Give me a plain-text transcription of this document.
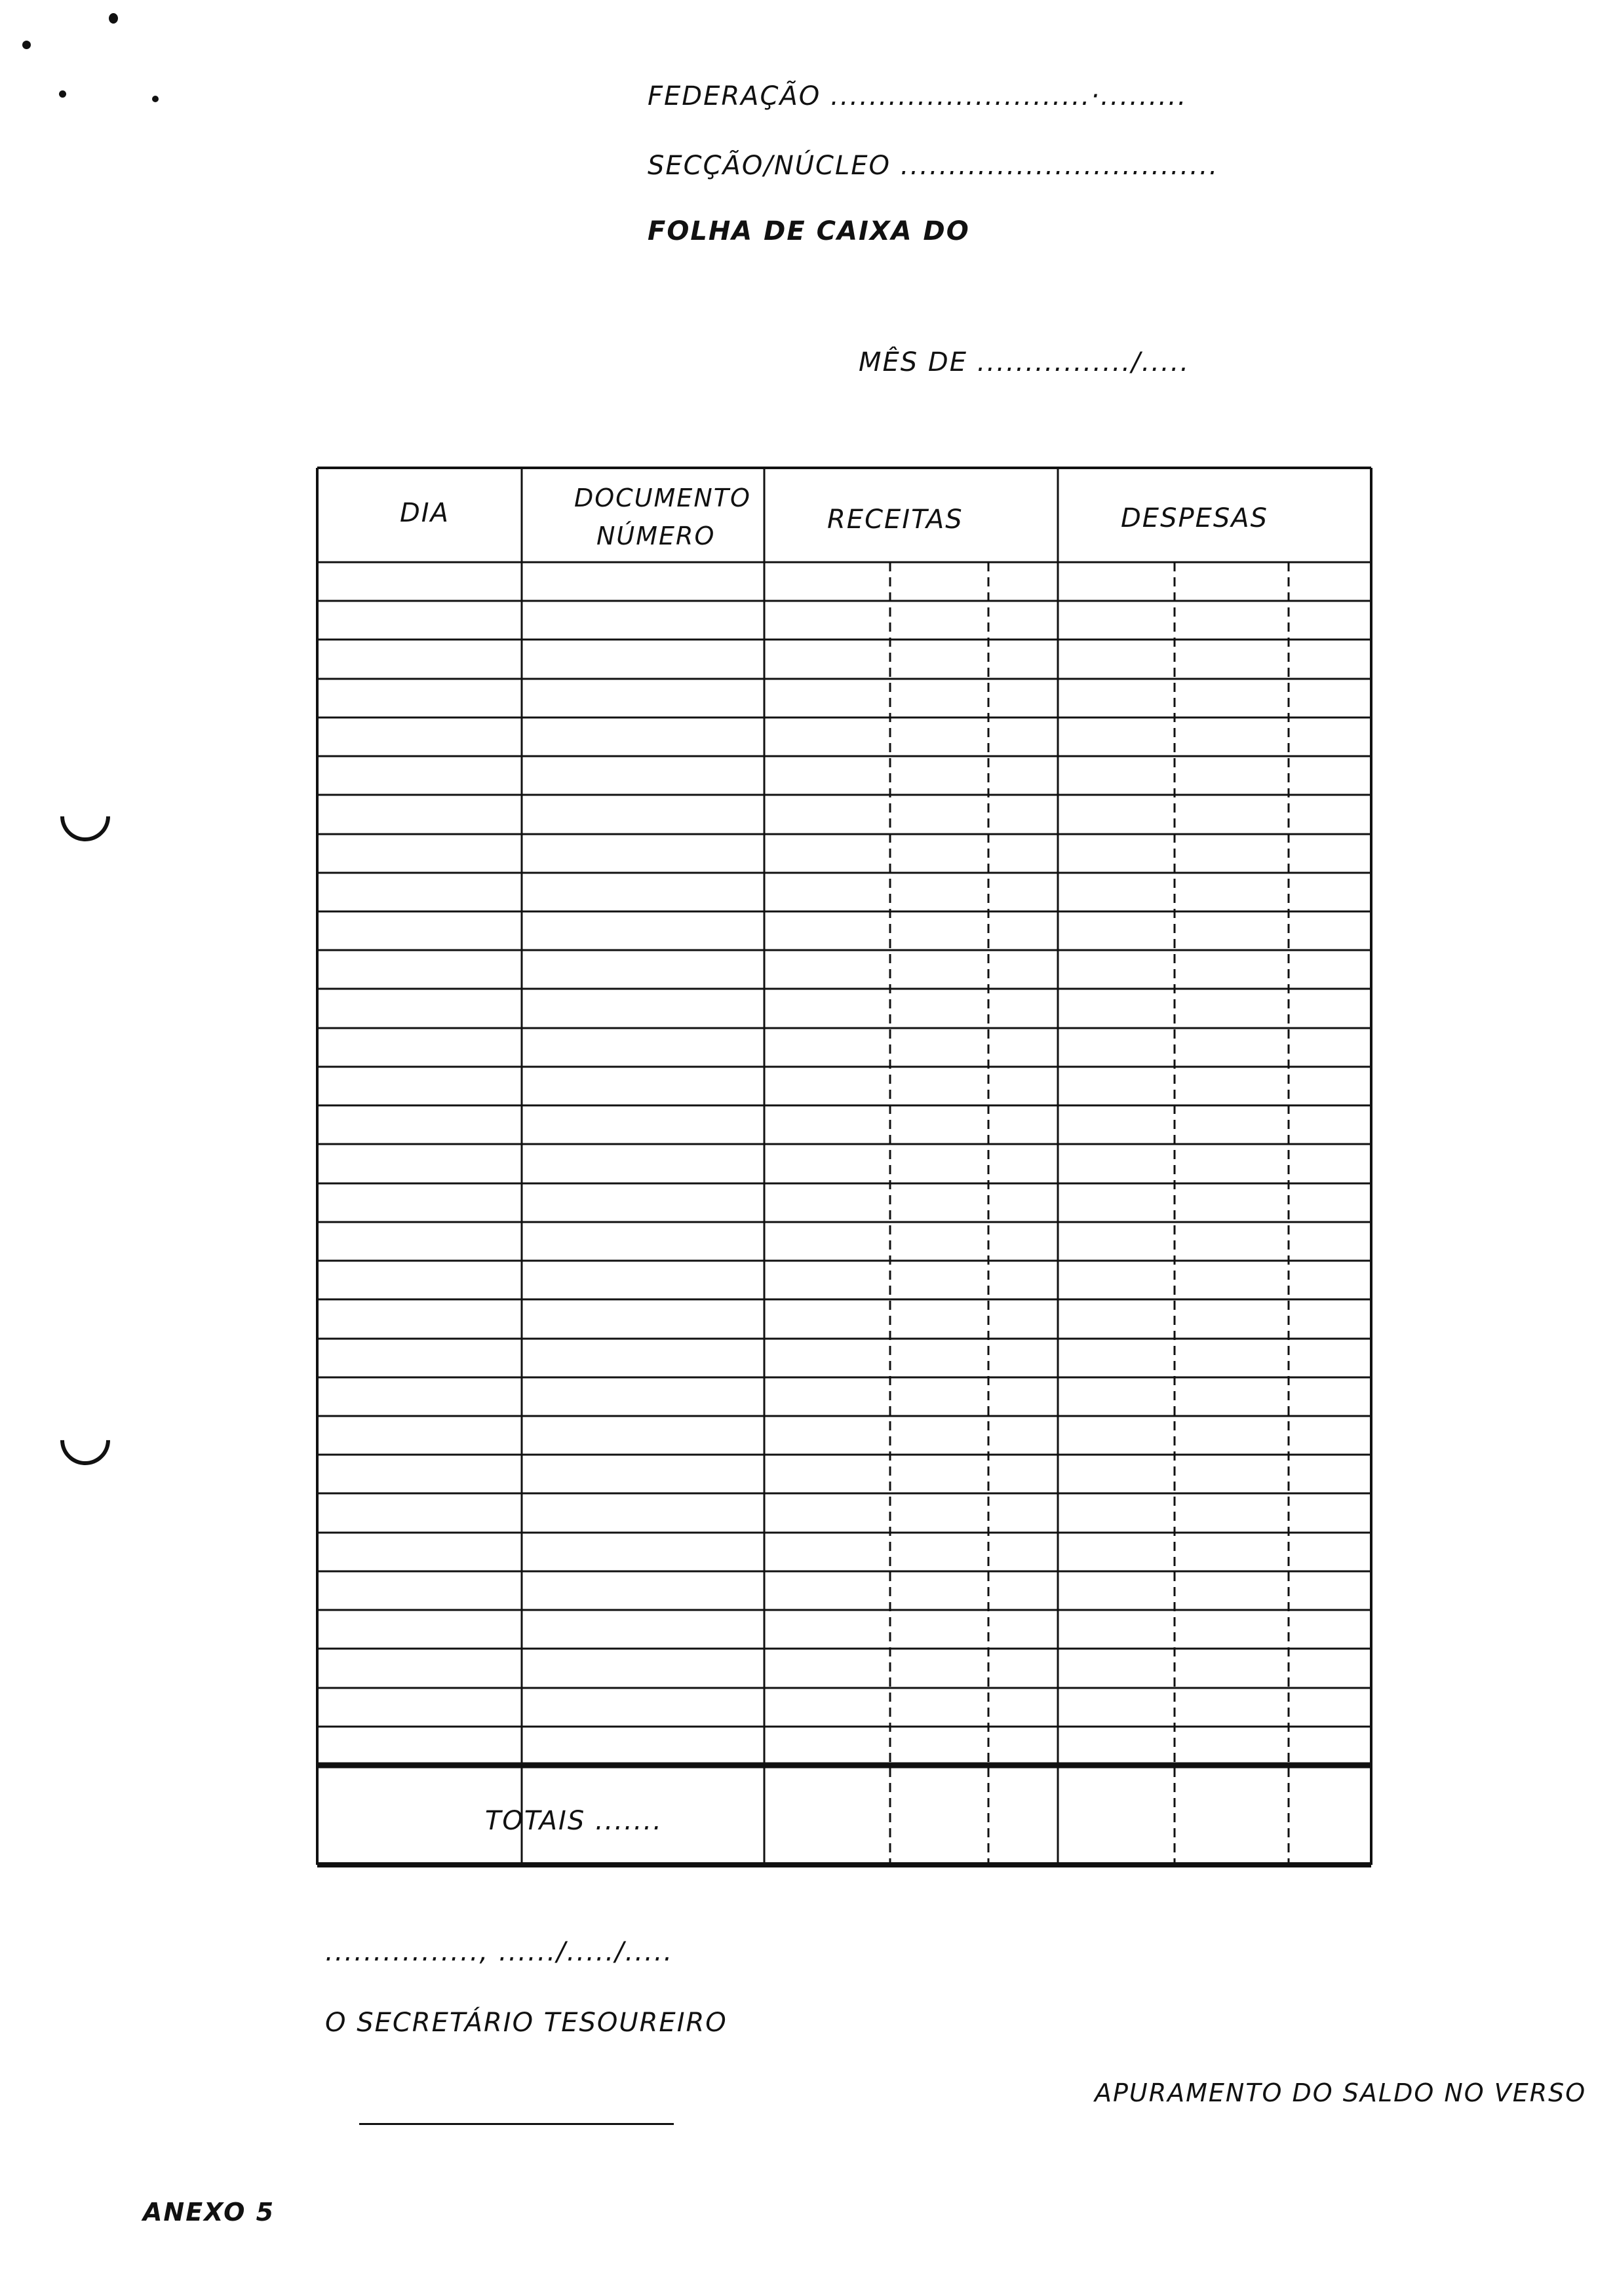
FEDERAÇÃO ...........................·.........
SECÇÃO/NÚCLEO .................................
FOLHA DE CAIXA DO
MÊS DE ................/.....
DIA	DOCUMENTO
NÚMERO
RECEITAS	DESPESAS
TOTAIS .......
................, ....../...../.....
O SECRETÁRIO TESOUREIRO
APURAMENTO DO SALDO NO VERSO
ANEXO 5
